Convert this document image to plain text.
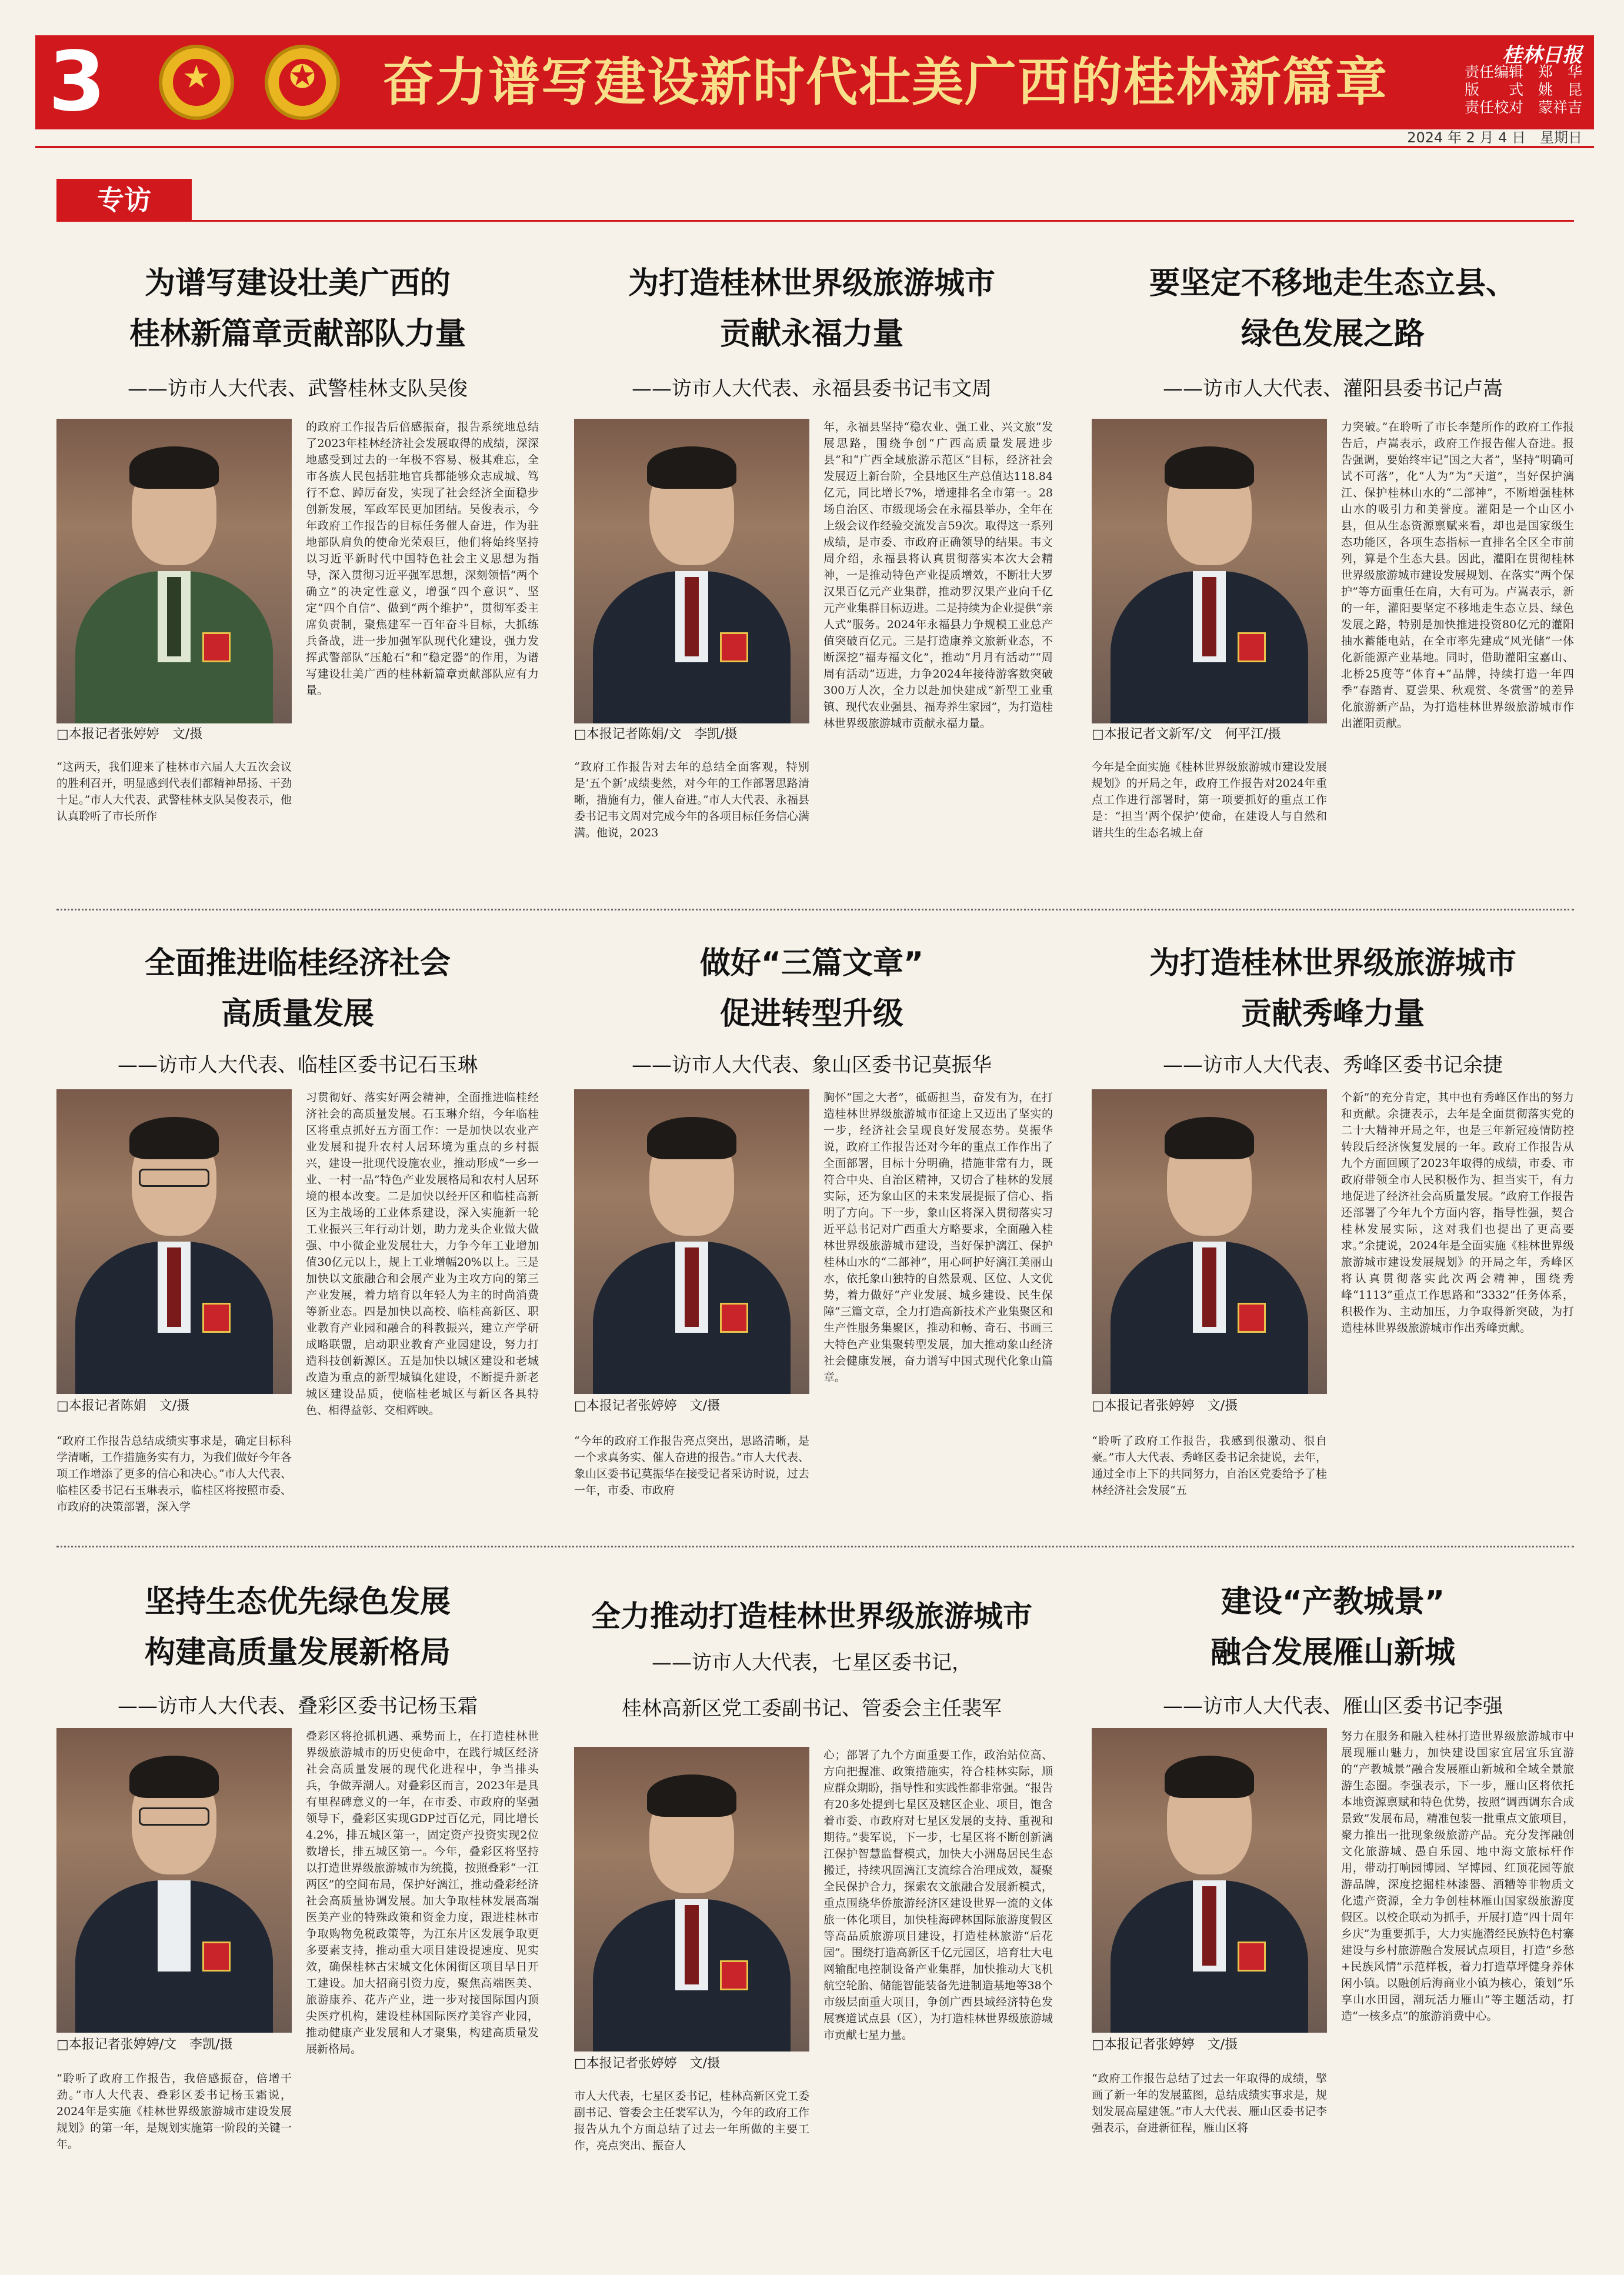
3	★	✪	奋力谱写建设新时代壮美广西的桂林新篇章	桂林日报
责任编辑　郑　华
版　　式　姚　昆
责任校对　蒙祥吉
2024 年 2 月 4 日　星期日
专访
为谱写建设壮美广西的
桂林新篇章贡献部队力量
——访市人大代表、武警桂林支队吴俊
□本报记者张婷婷　文/摄
“这两天，我们迎来了桂林市六届人大五次会议的胜利召开，明显感到代表们都精神昂扬、干劲十足。”市人大代表、武警桂林支队吴俊表示，他认真聆听了市长所作
的政府工作报告后倍感振奋，报告系统地总结了2023年桂林经济社会发展取得的成绩，深深地感受到过去的一年极不容易、极其难忘，全市各族人民包括驻地官兵都能够众志成城、笃行不怠、踔厉奋发，实现了社会经济全面稳步创新发展，军政军民更加团结。吴俊表示，今年政府工作报告的目标任务催人奋进，作为驻地部队肩负的使命光荣艰巨，他们将始终坚持以习近平新时代中国特色社会主义思想为指导，深入贯彻习近平强军思想，深刻领悟“两个确立”的决定性意义，增强“四个意识”、坚定“四个自信”、做到“两个维护”，贯彻军委主席负责制，聚焦建军一百年奋斗目标，大抓练兵备战，进一步加强军队现代化建设，强力发挥武警部队“压舱石”和“稳定器”的作用，为谱写建设壮美广西的桂林新篇章贡献部队应有力量。
为打造桂林世界级旅游城市
贡献永福力量
——访市人大代表、永福县委书记韦文周
□本报记者陈娟/文　李凯/摄
“政府工作报告对去年的总结全面客观，特别是‘五个新’成绩斐然，对今年的工作部署思路清晰，措施有力，催人奋进。”市人大代表、永福县委书记韦文周对完成今年的各项目标任务信心满满。他说，2023
年，永福县坚持“稳农业、强工业、兴文旅”发展思路，围绕争创“广西高质量发展进步县”和“广西全域旅游示范区”目标，经济社会发展迈上新台阶，全县地区生产总值达118.84亿元，同比增长7%，增速排名全市第一。28场自治区、市级现场会在永福县举办，全年在上级会议作经验交流发言59次。取得这一系列成绩，是市委、市政府正确领导的结果。韦文周介绍，永福县将认真贯彻落实本次大会精神，一是推动特色产业提质增效，不断壮大罗汉果百亿元产业集群，推动罗汉果产业向千亿元产业集群目标迈进。二是持续为企业提供“亲人式”服务。2024年永福县力争规模工业总产值突破百亿元。三是打造康养文旅新业态，不断深挖“福寿福文化”，推动“月月有活动”“周周有活动”迈进，力争2024年接待游客数突破300万人次，全力以赴加快建成“新型工业重镇、现代农业强县、福寿养生家园”，为打造桂林世界级旅游城市贡献永福力量。
要坚定不移地走生态立县、
绿色发展之路
——访市人大代表、灌阳县委书记卢嵩
□本报记者文新军/文　何平江/摄
今年是全面实施《桂林世界级旅游城市建设发展规划》的开局之年，政府工作报告对2024年重点工作进行部署时，第一项要抓好的重点工作是：“担当‘两个保护’使命，在建设人与自然和谐共生的生态名城上奋
力突破。”在聆听了市长李楚所作的政府工作报告后，卢嵩表示，政府工作报告催人奋进。报告强调，要始终牢记“国之大者”，坚持“明确可试不可落”，化“人为”为“天道”，当好保护漓江、保护桂林山水的“二部神”，不断增强桂林山水的吸引力和美誉度。灌阳是一个山区小县，但从生态资源禀赋来看，却也是国家级生态功能区，各项生态指标一直排名全区全市前列，算是个生态大县。因此，灌阳在贯彻桂林世界级旅游城市建设发展规划、在落实“两个保护”等方面重任在肩，大有可为。卢嵩表示，新的一年，灌阳要坚定不移地走生态立县、绿色发展之路，特别是加快推进投资80亿元的灌阳抽水蓄能电站，在全市率先建成“风光储”一体化新能源产业基地。同时，借助灌阳宝嘉山、北桥25度等“体育+”品牌，持续打造一年四季“春踏青、夏尝果、秋观赏、冬赏雪”的差异化旅游新产品，为打造桂林世界级旅游城市作出灌阳贡献。
全面推进临桂经济社会
高质量发展
——访市人大代表、临桂区委书记石玉琳
□本报记者陈娟　文/摄
“政府工作报告总结成绩实事求是，确定目标科学清晰，工作措施务实有力，为我们做好今年各项工作增添了更多的信心和决心。”市人大代表、临桂区委书记石玉琳表示，临桂区将按照市委、市政府的决策部署，深入学
习贯彻好、落实好两会精神，全面推进临桂经济社会的高质量发展。石玉琳介绍，今年临桂区将重点抓好五方面工作：一是加快以农业产业发展和提升农村人居环境为重点的乡村振兴，建设一批现代设施农业，推动形成“一乡一业、一村一品”特色产业发展格局和农村人居环境的根本改变。二是加快以经开区和临桂高新区为主战场的工业体系建设，深入实施新一轮工业振兴三年行动计划，助力龙头企业做大做强、中小微企业发展壮大，力争今年工业增加值30亿元以上，规上工业增幅20%以上。三是加快以文旅融合和会展产业为主攻方向的第三产业发展，着力培育以年轻人为主的时尚消费等新业态。四是加快以高校、临桂高新区、职业教育产业园和融合的科教振兴，建立产学研成略联盟，启动职业教育产业园建设，努力打造科技创新源区。五是加快以城区建设和老城改造为重点的新型城镇化建设，不断提升新老城区建设品质，使临桂老城区与新区各具特色、相得益彰、交相辉映。
做好“三篇文章”
促进转型升级
——访市人大代表、象山区委书记莫振华
□本报记者张婷婷　文/摄
“今年的政府工作报告亮点突出，思路清晰，是一个求真务实、催人奋进的报告。”市人大代表、象山区委书记莫振华在接受记者采访时说，过去一年，市委、市政府
胸怀“国之大者”，砥砺担当，奋发有为，在打造桂林世界级旅游城市征途上又迈出了坚实的一步，经济社会呈现良好发展态势。莫振华说，政府工作报告还对今年的重点工作作出了全面部署，目标十分明确，措施非常有力，既符合中央、自治区精神，又切合了桂林的发展实际，还为象山区的未来发展提振了信心、指明了方向。下一步，象山区将深入贯彻落实习近平总书记对广西重大方略要求，全面融入桂林世界级旅游城市建设，当好保护漓江、保护桂林山水的“二部神”，用心呵护好漓江美丽山水，依托象山独特的自然景观、区位、人文优势，着力做好“产业发展、城乡建设、民生保障”三篇文章，全力打造高新技术产业集聚区和生产性服务集聚区，推动和畅、奇石、书画三大特色产业集聚转型发展，加大推动象山经济社会健康发展，奋力谱写中国式现代化象山篇章。
为打造桂林世界级旅游城市
贡献秀峰力量
——访市人大代表、秀峰区委书记余捷
□本报记者张婷婷　文/摄
“聆听了政府工作报告，我感到很激动、很自豪。”市人大代表、秀峰区委书记余捷说，去年，通过全市上下的共同努力，自治区党委给予了桂林经济社会发展“五
个新”的充分肯定，其中也有秀峰区作出的努力和贡献。余捷表示，去年是全面贯彻落实党的二十大精神开局之年，也是三年新冠疫情防控转段后经济恢复发展的一年。政府工作报告从九个方面回顾了2023年取得的成绩，市委、市政府带领全市人民积极作为、担当实干，有力地促进了经济社会高质量发展。“政府工作报告还部署了今年九个方面内容，指导性强，契合桂林发展实际，这对我们也提出了更高要求。”余捷说，2024年是全面实施《桂林世界级旅游城市建设发展规划》的开局之年，秀峰区将认真贯彻落实此次两会精神，围绕秀峰“1113”重点工作思路和“3332”任务体系，积极作为、主动加压，力争取得新突破，为打造桂林世界级旅游城市作出秀峰贡献。
坚持生态优先绿色发展
构建高质量发展新格局
——访市人大代表、叠彩区委书记杨玉霜
□本报记者张婷婷/文　李凯/摄
“聆听了政府工作报告，我倍感振奋，倍增干劲。”市人大代表、叠彩区委书记杨玉霜说，2024年是实施《桂林世界级旅游城市建设发展规划》的第一年，是规划实施第一阶段的关键一年。
叠彩区将抢抓机遇、乘势而上，在打造桂林世界级旅游城市的历史使命中，在践行城区经济社会高质量发展的现代化进程中，争当排头兵，争做弄潮人。对叠彩区而言，2023年是具有里程碑意义的一年，在市委、市政府的坚强领导下，叠彩区实现GDP过百亿元，同比增长4.2%，排五城区第一，固定资产投资实现2位数增长，排五城区第一。今年，叠彩区将坚持以打造世界级旅游城市为统揽，按照叠彩“一江两区”的空间布局，保护好漓江，推动叠彩经济社会高质量协调发展。加大争取桂林发展高端医美产业的特殊政策和资金力度，跟进桂林市争取购物免税政策等，为江东片区发展争取更多要素支持，推动重大项目建设提速度、见实效，确保桂林古宋城文化休闲街区项目早日开工建设。加大招商引资力度，聚焦高端医美、旅游康养、花卉产业，进一步对接国际国内顶尖医疗机构，建设桂林国际医疗美容产业园，推动健康产业发展和人才聚集，构建高质量发展新格局。
全力推动打造桂林世界级旅游城市
——访市人大代表，七星区委书记，
桂林高新区党工委副书记、管委会主任裴军
□本报记者张婷婷　文/摄
市人大代表，七星区委书记，桂林高新区党工委副书记、管委会主任裴军认为，今年的政府工作报告从九个方面总结了过去一年所做的主要工作，亮点突出、振奋人
心；部署了九个方面重要工作，政治站位高、方向把握准、政策措施实，符合桂林实际，顺应群众期盼，指导性和实践性都非常强。“报告有20多处提到七星区及辖区企业、项目，饱含着市委、市政府对七星区发展的支持、重视和期待。”裴军说，下一步，七星区将不断创新漓江保护智慧监督模式，加快大小洲岛居民生态搬迁，持续巩固漓江支流综合治理成效，凝聚全民保护合力，探索农文旅融合发展新模式，重点围绕华侨旅游经济区建设世界一流的文体旅一体化项目，加快桂海碑林国际旅游度假区等高品质旅游项目建设，打造桂林旅游“后花园”。围绕打造高新区千亿元园区，培育壮大电网输配电控制设备产业集群，加快推动大飞机航空轮胎、储能智能装备先进制造基地等38个市级层面重大项目，争创广西县域经济特色发展赛道试点县（区），为打造桂林世界级旅游城市贡献七星力量。
建设“产教城景”
融合发展雁山新城
——访市人大代表、雁山区委书记李强
□本报记者张婷婷　文/摄
“政府工作报告总结了过去一年取得的成绩，擘画了新一年的发展蓝图，总结成绩实事求是，规划发展高屋建瓴。”市人大代表、雁山区委书记李强表示，奋进新征程，雁山区将
努力在服务和融入桂林打造世界级旅游城市中展现雁山魅力，加快建设国家宜居宜乐宜游的“产教城景”融合发展雁山新城和全域全景旅游生态圈。李强表示，下一步，雁山区将依托本地资源禀赋和特色优势，按照“调西调东合成景致”发展布局，精准包装一批重点文旅项目，聚力推出一批现象级旅游产品。充分发挥融创文化旅游城、愚自乐园、地中海文旅标杆作用，带动打响园博园、罕博园、红顶花园等旅游品牌，深度挖掘桂林漆器、酒糟等非物质文化遗产资源，全力争创桂林雁山国家级旅游度假区。以校企联动为抓手，开展打造“四十周年乡庆”为重要抓手，大力实施潜经民族特色村寨建设与乡村旅游融合发展试点项目，打造“乡愁+民族风情”示范样板，着力打造草坪健身养休闲小镇。以融创后海商业小镇为核心，策划“乐享山水田园，潮玩活力雁山”等主题活动，打造“一核多点”的旅游消费中心。
